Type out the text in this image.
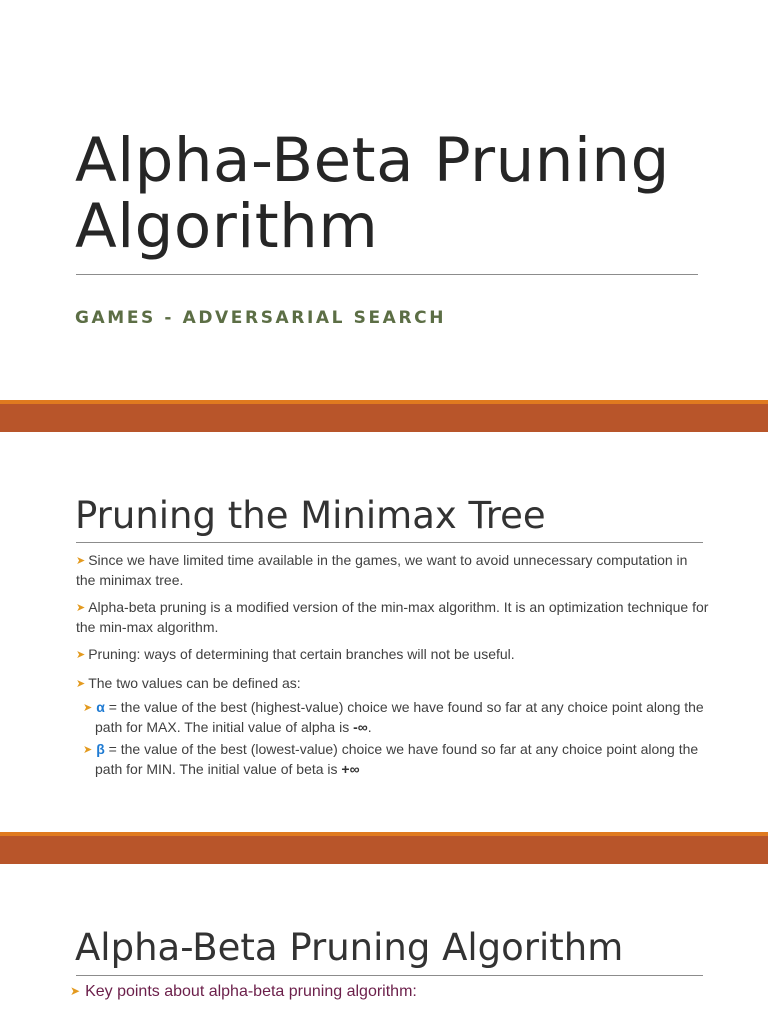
Alpha-Beta Pruning
Algorithm
GAMES - ADVERSARIAL SEARCH
Pruning the Minimax Tree
➤ Since we have limited time available in the games, we want to avoid unnecessary computation in the minimax tree.
➤ Alpha-beta pruning is a modified version of the min-max algorithm. It is an optimization technique for the min-max algorithm.
➤ Pruning: ways of determining that certain branches will not be useful.
➤ The two values can be defined as:
➤ α = the value of the best (highest-value) choice we have found so far at any choice point along the path for MAX. The initial value of alpha is -∞.
➤ β = the value of the best (lowest-value) choice we have found so far at any choice point along the path for MIN. The initial value of beta is +∞
Alpha-Beta Pruning Algorithm
➤ Key points about alpha-beta pruning algorithm:
